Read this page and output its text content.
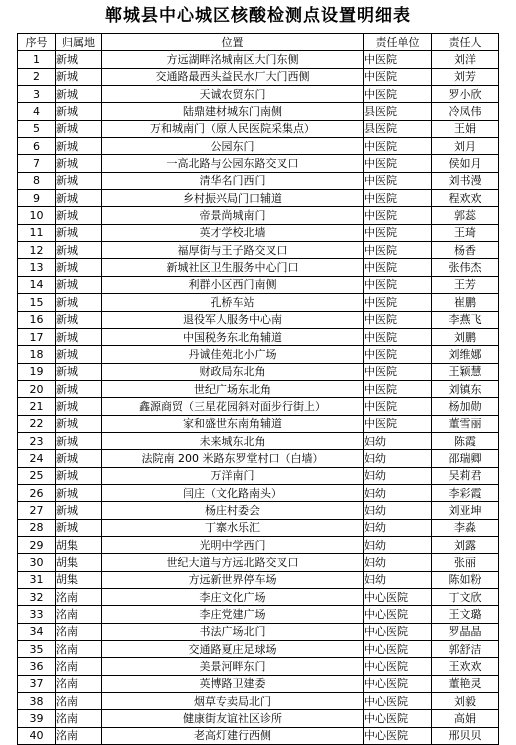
郸城县中心城区核酸检测点设置明细表
序号	归属地	位置	责任单位	责任人
1	新城	方远湖畔洺城南区大门东侧	中医院	刘洋
2	新城	交通路最西头益民水厂大门西侧	中医院	刘芳
3	新城	天诚农贸东门	中医院	罗小欣
4	新城	陆鼎建材城东门南侧	县医院	冷凤伟
5	新城	万和城南门（原人民医院采集点）	县医院	王娟
6	新城	公园东门	中医院	刘月
7	新城	一高北路与公园东路交叉口	中医院	侯如月
8	新城	清华名门西门	中医院	刘书漫
9	新城	乡村振兴局门口辅道	中医院	程欢欢
10	新城	帝景尚城南门	中医院	郭蕊
11	新城	英才学校北墙	中医院	王琦
12	新城	福厚街与王子路交叉口	中医院	杨香
13	新城	新城社区卫生服务中心门口	中医院	张伟杰
14	新城	利群小区西门南侧	中医院	王芳
15	新城	孔桥车站	中医院	崔鹏
16	新城	退役军人服务中心南	中医院	李燕飞
17	新城	中国税务东北角辅道	中医院	刘鹏
18	新城	丹诚佳苑北小广场	中医院	刘维娜
19	新城	财政局东北角	中医院	王颖慧
20	新城	世纪广场东北角	中医院	刘镇东
21	新城	鑫源商贸（三星花园斜对面步行街上）	中医院	杨加勋
22	新城	家和盛世东南角辅道	中医院	董雪丽
23	新城	未来城东北角	妇幼	陈霞
24	新城	法院南 200 米路东罗堂村口（白墙）	妇幼	邵瑞卿
25	新城	万洋南门	妇幼	吴莉君
26	新城	闫庄（文化路南头）	妇幼	李彩霞
27	新城	杨庄村委会	妇幼	刘亚坤
28	新城	丁寨水乐汇	妇幼	李淼
29	胡集	光明中学西门	妇幼	刘露
30	胡集	世纪大道与方远北路交叉口	妇幼	张丽
31	胡集	方远新世界停车场	妇幼	陈如粉
32	洺南	李庄文化广场	中心医院	丁文欣
33	洺南	李庄党建广场	中心医院	王文璐
34	洺南	书法广场北门	中心医院	罗晶晶
35	洺南	交通路夏庄足球场	中心医院	郭舒洁
36	洺南	美景河畔东门	中心医院	王欢欢
37	洺南	英博路卫建委	中心医院	董艳灵
38	洺南	烟草专卖局北门	中心医院	刘毅
39	洺南	健康街友谊社区诊所	中心医院	高娟
40	洺南	老高灯建行西侧	中心医院	邢贝贝
